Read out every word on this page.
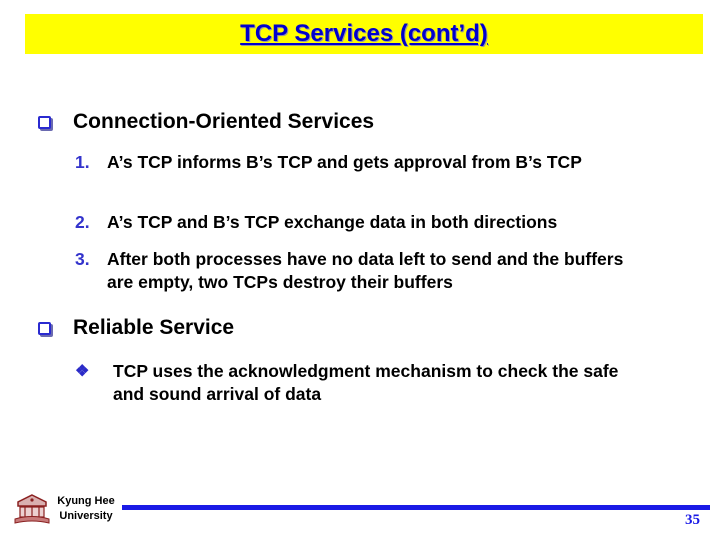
TCP Services (cont’d)
Connection-Oriented Services
1. A’s TCP informs B’s TCP and gets approval from B’s TCP
2. A’s TCP and B’s TCP exchange data in both directions
3. After both processes have no data left to send and the buffers are empty, two TCPs destroy their buffers
Reliable Service
❖	TCP uses the acknowledgment mechanism to check the safe and sound arrival of data
Kyung Hee University	35
